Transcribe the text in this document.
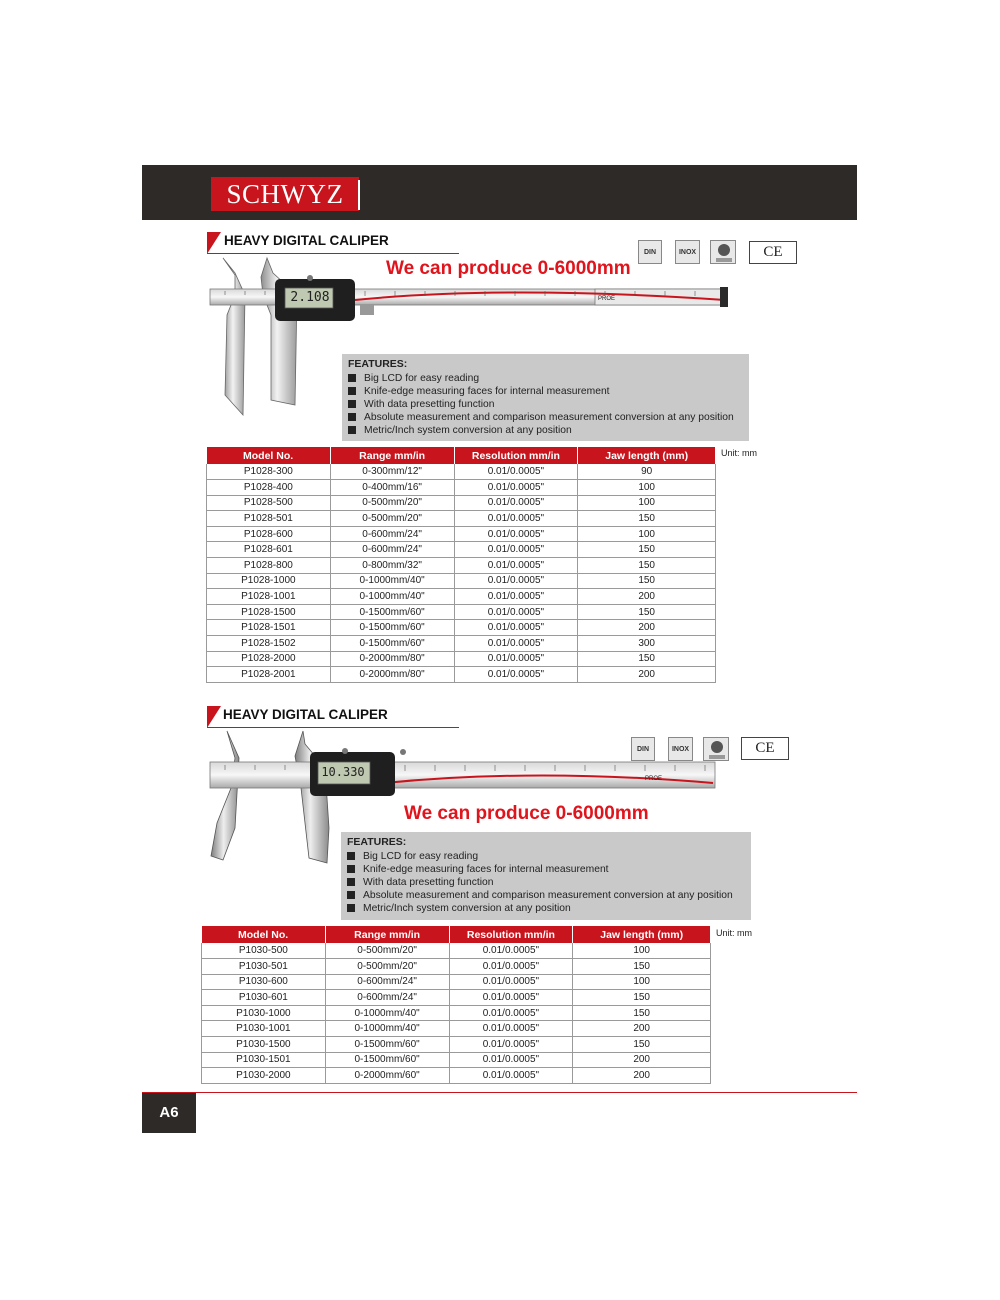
SCHWYZ
HEAVY DIGITAL CALIPER
We can produce 0-6000mm
DIN	INOX	CE
PROE
2.108
FEATURES:
Big LCD for easy reading
Knife-edge measuring faces for internal measurement
With data presetting function
Absolute measurement and comparison measurement conversion at any position
Metric/Inch system conversion at any position
Unit: mm
Model No.	Range mm/in	Resolution mm/in	Jaw length (mm)
P1028-300	0-300mm/12"	0.01/0.0005"	90
P1028-400	0-400mm/16"	0.01/0.0005"	100
P1028-500	0-500mm/20"	0.01/0.0005"	100
P1028-501	0-500mm/20"	0.01/0.0005"	150
P1028-600	0-600mm/24"	0.01/0.0005"	100
P1028-601	0-600mm/24"	0.01/0.0005"	150
P1028-800	0-800mm/32"	0.01/0.0005"	150
P1028-1000	0-1000mm/40"	0.01/0.0005"	150
P1028-1001	0-1000mm/40"	0.01/0.0005"	200
P1028-1500	0-1500mm/60"	0.01/0.0005"	150
P1028-1501	0-1500mm/60"	0.01/0.0005"	200
P1028-1502	0-1500mm/60"	0.01/0.0005"	300
P1028-2000	0-2000mm/80"	0.01/0.0005"	150
P1028-2001	0-2000mm/80"	0.01/0.0005"	200
HEAVY DIGITAL CALIPER
DIN	INOX	CE
PROE
10.330
We can produce 0-6000mm
FEATURES:
Big LCD for easy reading
Knife-edge measuring faces for internal measurement
With data presetting function
Absolute measurement and comparison measurement conversion at any position
Metric/Inch system conversion at any position
Unit: mm
Model No.	Range mm/in	Resolution mm/in	Jaw length (mm)
P1030-500	0-500mm/20"	0.01/0.0005"	100
P1030-501	0-500mm/20"	0.01/0.0005"	150
P1030-600	0-600mm/24"	0.01/0.0005"	100
P1030-601	0-600mm/24"	0.01/0.0005"	150
P1030-1000	0-1000mm/40"	0.01/0.0005"	150
P1030-1001	0-1000mm/40"	0.01/0.0005"	200
P1030-1500	0-1500mm/60"	0.01/0.0005"	150
P1030-1501	0-1500mm/60"	0.01/0.0005"	200
P1030-2000	0-2000mm/60"	0.01/0.0005"	200
A6
